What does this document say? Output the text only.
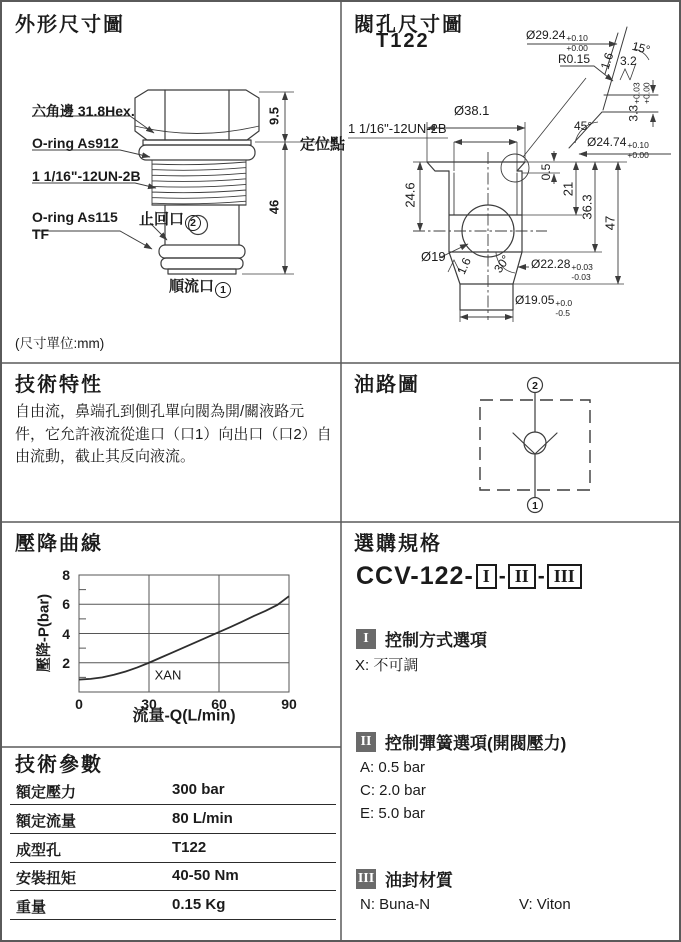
外形尺寸圖
六角邊 31.8Hex.
O-ring As912
1 1/16"-12UN-2B
O-ring As115
TF
止回口 2
定位點
9.5
46
順流口 1
(尺寸單位:mm)
閥孔尺寸圖
T122	Ø29.24 +0.10
+0.00
R0.15
15°
1.6 3.2
3.3
+0.03 +0.00
45°
Ø24.74 +0.10
+0.00
Ø38.1
1 1/16"-12UN-2B
0.5
21
24.6	36.3
47
Ø19	Ø22.28 +0.03
-0.03
Ø19.05 +0.0
-0.5
30°
1.6
技術特性
自由流，鼻端孔到側孔單向閥為開/關液路元件，它允許液流從進口（口1）向出口（口2）自由流動，截止其反向液流。
油路圖	2
1
壓降曲線
壓降-P(bar)
流量-Q(L/min)
XAN
選購規格
CCV-122- I - II - III
I 控制方式選項
X: 不可調
II 控制彈簧選項(開閥壓力)
A: 0.5 bar
C: 2.0 bar
E: 5.0 bar
III 油封材質
N: Buna-N	V: Viton
技術參數
額定壓力	300 bar
額定流量	80 L/min
成型孔	T122
安裝扭矩	40-50 Nm
重量	0.15 Kg
0	30	60	90
2
4
6
8
